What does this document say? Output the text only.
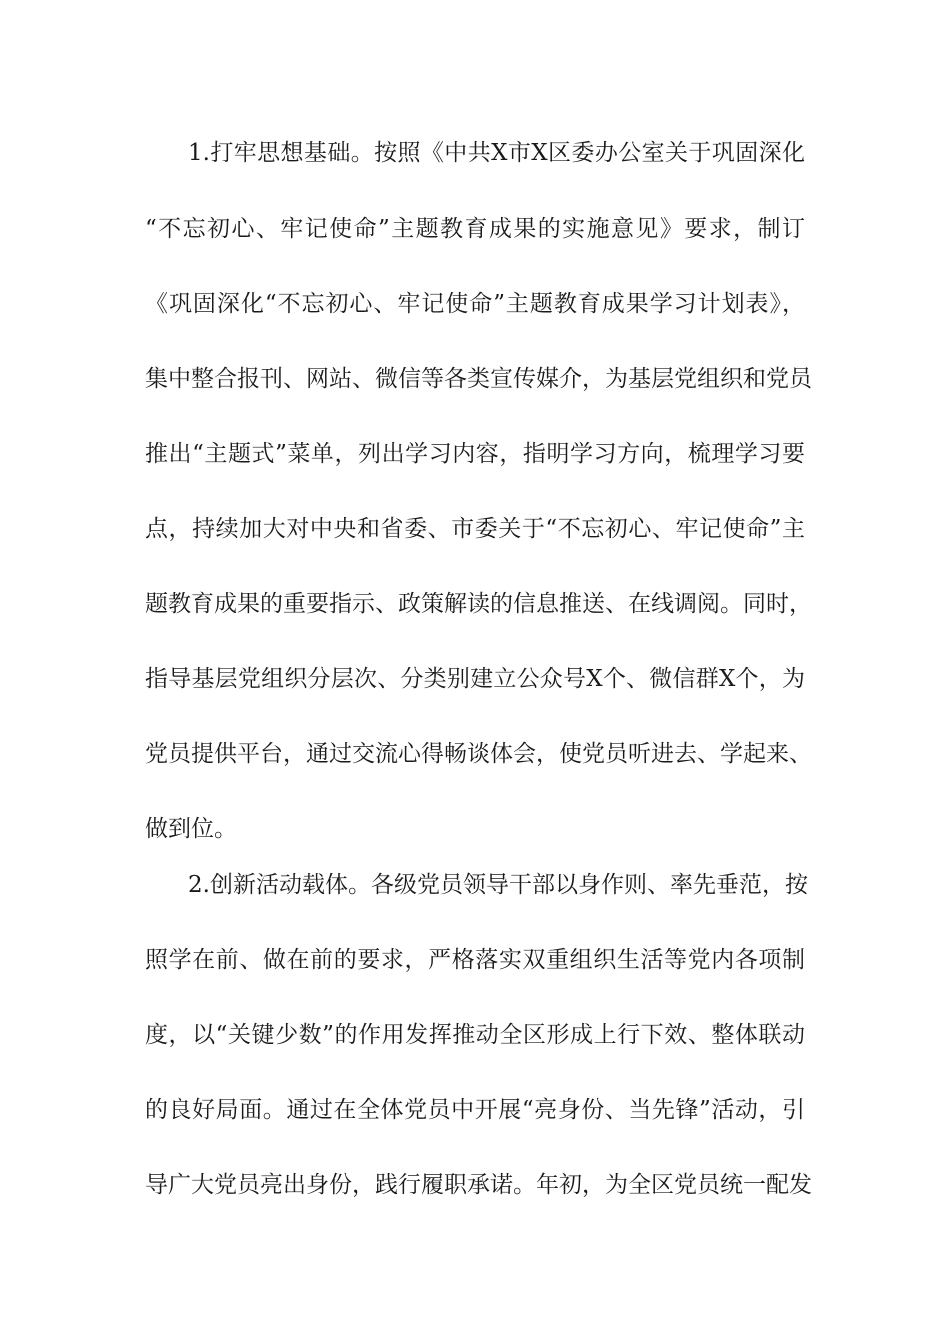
1.打牢思想基础。按照《中共X市X区委办公室关于巩固深化
“不忘初心、牢记使命”主题教育成果的实施意见》要求，制订
《巩固深化“不忘初心、牢记使命”主题教育成果学习计划表》，
集中整合报刊、网站、微信等各类宣传媒介，为基层党组织和党员
推出“主题式”菜单，列出学习内容，指明学习方向，梳理学习要
点，持续加大对中央和省委、市委关于“不忘初心、牢记使命”主
题教育成果的重要指示、政策解读的信息推送、在线调阅。同时，
指导基层党组织分层次、分类别建立公众号X个、微信群X个，为
党员提供平台，通过交流心得畅谈体会，使党员听进去、学起来、
做到位。
2.创新活动载体。各级党员领导干部以身作则、率先垂范，按
照学在前、做在前的要求，严格落实双重组织生活等党内各项制
度，以“关键少数”的作用发挥推动全区形成上行下效、整体联动
的良好局面。通过在全体党员中开展“亮身份、当先锋”活动，引
导广大党员亮出身份，践行履职承诺。年初，为全区党员统一配发
